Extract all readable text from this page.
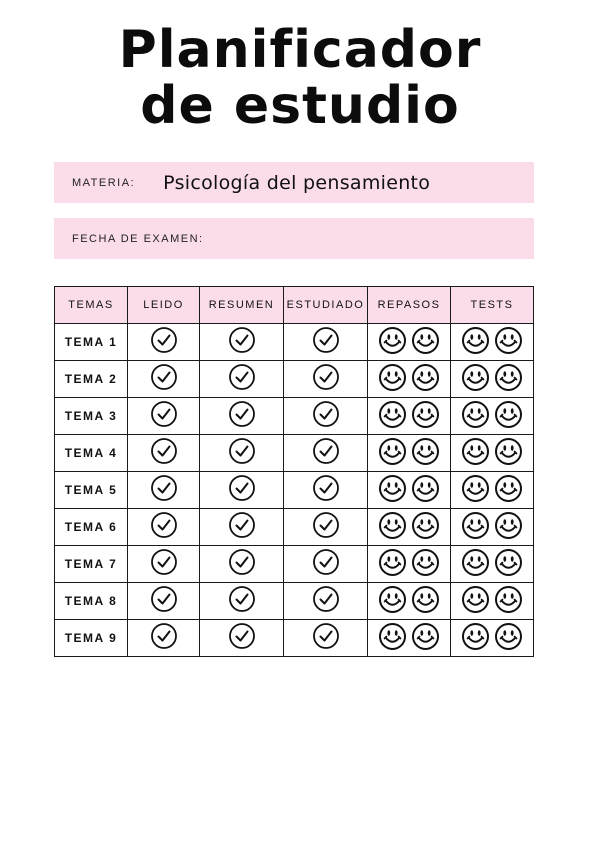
Planificador
de estudio
MATERIA: Psicología del pensamiento
FECHA DE EXAMEN:
TEMAS	LEIDO	RESUMEN	ESTUDIADO	REPASOS	TESTS
TEMA 1				

TEMA 2				

TEMA 3				

TEMA 4				

TEMA 5				

TEMA 6				

TEMA 7				

TEMA 8				

TEMA 9				
